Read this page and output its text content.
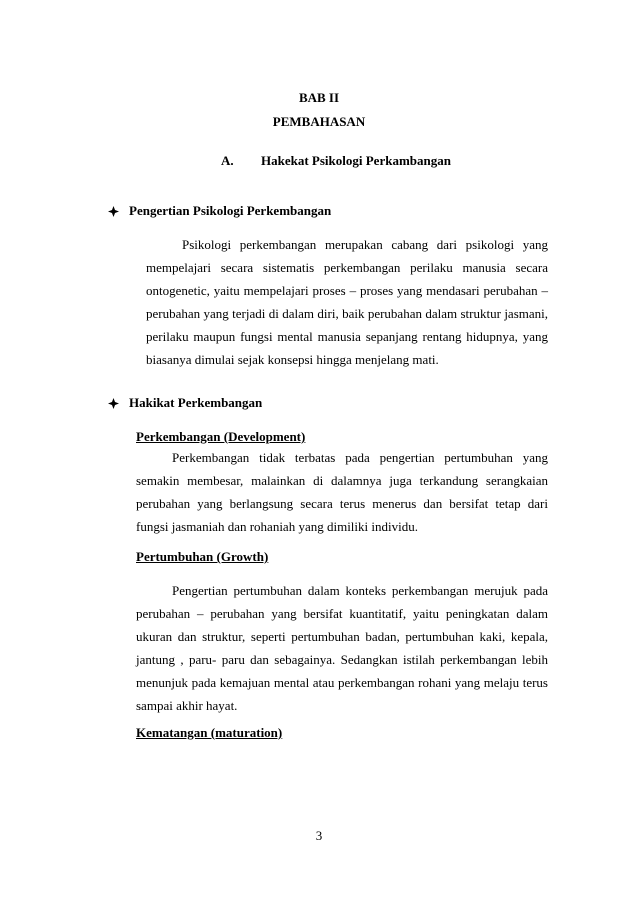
BAB II

PEMBAHASAN

A.	Hakekat Psikologi Perkambangan
Pengertian Psikologi Perkembangan

Psikologi perkembangan merupakan cabang dari psikologi yang mempelajari secara sistematis perkembangan perilaku manusia secara ontogenetic, yaitu mempelajari proses – proses yang mendasari perubahan – perubahan yang terjadi di dalam diri, baik perubahan dalam struktur jasmani, perilaku maupun fungsi mental manusia sepanjang rentang hidupnya, yang biasanya dimulai sejak konsepsi hingga menjelang mati.

Hakikat Perkembangan
Perkembangan (Development)

Perkembangan tidak terbatas pada pengertian pertumbuhan yang semakin membesar, malainkan di dalamnya juga terkandung serangkaian perubahan yang berlangsung secara terus menerus dan bersifat tetap dari fungsi jasmaniah dan rohaniah yang dimiliki individu.

Pertumbuhan (Growth)

Pengertian pertumbuhan dalam konteks perkembangan merujuk pada perubahan – perubahan yang bersifat kuantitatif, yaitu peningkatan dalam ukuran dan struktur, seperti pertumbuhan badan, pertumbuhan kaki, kepala, jantung , paru- paru dan sebagainya. Sedangkan istilah perkembangan lebih menunjuk pada kemajuan mental atau perkembangan rohani yang melaju terus sampai akhir hayat.

Kematangan (maturation)

3
